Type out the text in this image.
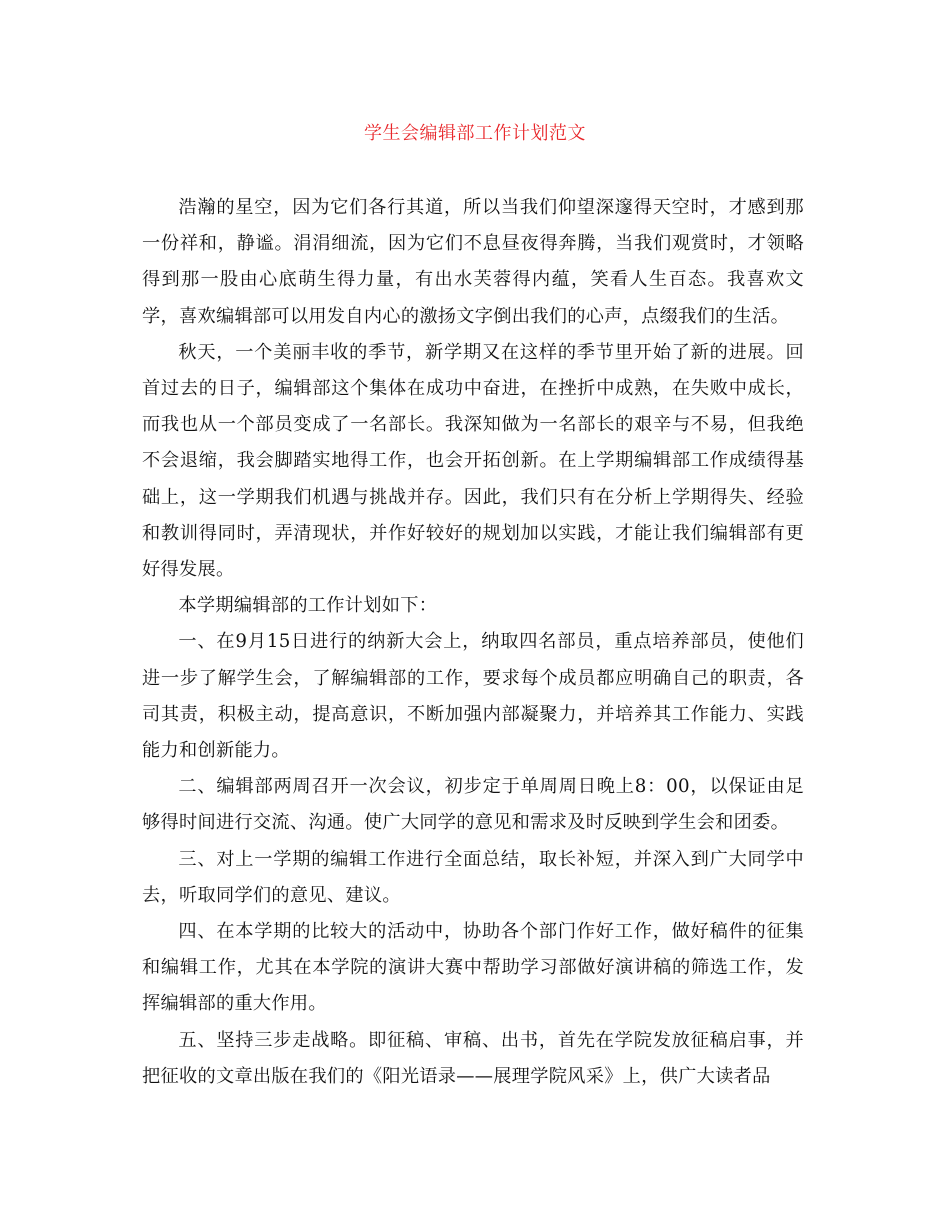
学生会编辑部工作计划范文

浩瀚的星空，因为它们各行其道，所以当我们仰望深邃得天空时，才感到那一份祥和，静谧。涓涓细流，因为它们不息昼夜得奔腾，当我们观赏时，才领略得到那一股由心底萌生得力量，有出水芙蓉得内蕴，笑看人生百态。我喜欢文学，喜欢编辑部可以用发自内心的激扬文字倒出我们的心声，点缀我们的生活。

秋天，一个美丽丰收的季节，新学期又在这样的季节里开始了新的进展。回首过去的日子，编辑部这个集体在成功中奋进，在挫折中成熟，在失败中成长，而我也从一个部员变成了一名部长。我深知做为一名部长的艰辛与不易，但我绝不会退缩，我会脚踏实地得工作，也会开拓创新。在上学期编辑部工作成绩得基础上，这一学期我们机遇与挑战并存。因此，我们只有在分析上学期得失、经验和教训得同时，弄清现状，并作好较好的规划加以实践，才能让我们编辑部有更好得发展。

本学期编辑部的工作计划如下：

一、在9月15日进行的纳新大会上，纳取四名部员，重点培养部员，使他们进一步了解学生会，了解编辑部的工作，要求每个成员都应明确自己的职责，各司其责，积极主动，提高意识，不断加强内部凝聚力，并培养其工作能力、实践能力和创新能力。

二、编辑部两周召开一次会议，初步定于单周周日晚上8：00，以保证由足够得时间进行交流、沟通。使广大同学的意见和需求及时反映到学生会和团委。

三、对上一学期的编辑工作进行全面总结，取长补短，并深入到广大同学中去，听取同学们的意见、建议。

四、在本学期的比较大的活动中，协助各个部门作好工作，做好稿件的征集和编辑工作，尤其在本学院的演讲大赛中帮助学习部做好演讲稿的筛选工作，发挥编辑部的重大作用。

五、坚持三步走战略。即征稿、审稿、出书，首先在学院发放征稿启事，并把征收的文章出版在我们的《阳光语录——展理学院风采》上，供广大读者品
